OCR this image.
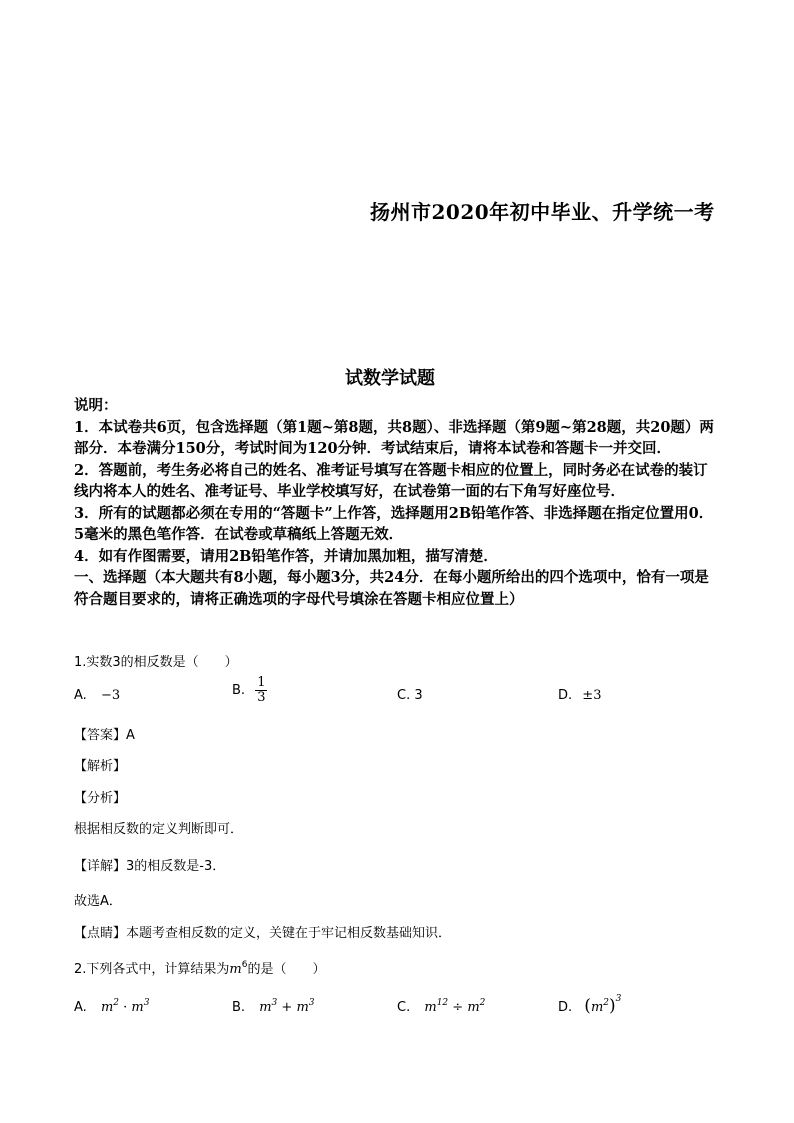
扬州市2020年初中毕业、升学统一考
试数学试题

说明：

1．本试卷共6页，包含选择题（第1题~第8题，共8题）、非选择题（第9题~第28题，共20题）两部分．本卷满分150分，考试时间为120分钟．考试结束后，请将本试卷和答题卡一并交回．

2．答题前，考生务必将自己的姓名、准考证号填写在答题卡相应的位置上，同时务必在试卷的装订线内将本人的姓名、准考证号、毕业学校填写好，在试卷第一面的右下角写好座位号．

3．所有的试题都必须在专用的“答题卡”上作答，选择题用2B铅笔作答、非选择题在指定位置用0．5毫米的黑色笔作答．在试卷或草稿纸上答题无效．

4．如有作图需要，请用2B铅笔作答，并请加黑加粗，描写清楚．

一、选择题（本大题共有8小题，每小题3分，共24分．在每小题所给出的四个选项中，恰有一项是符合题目要求的，请将正确选项的字母代号填涂在答题卡相应位置上）

1.实数3的相反数是（　　）
A. −3	B. $\frac{1}{3}$	C. 3	D. ±3
【答案】A
【解析】
【分析】
根据相反数的定义判断即可．
【详解】3的相反数是-3．
故选A．
【点睛】本题考查相反数的定义，关键在于牢记相反数基础知识．
2.下列各式中，计算结果为$m^6$的是（　　）
A. $m^2 \cdot m^3$	B. $m^3 + m^3$	C. $m^{12} \div m^2$	D. $(m^2)^3$
